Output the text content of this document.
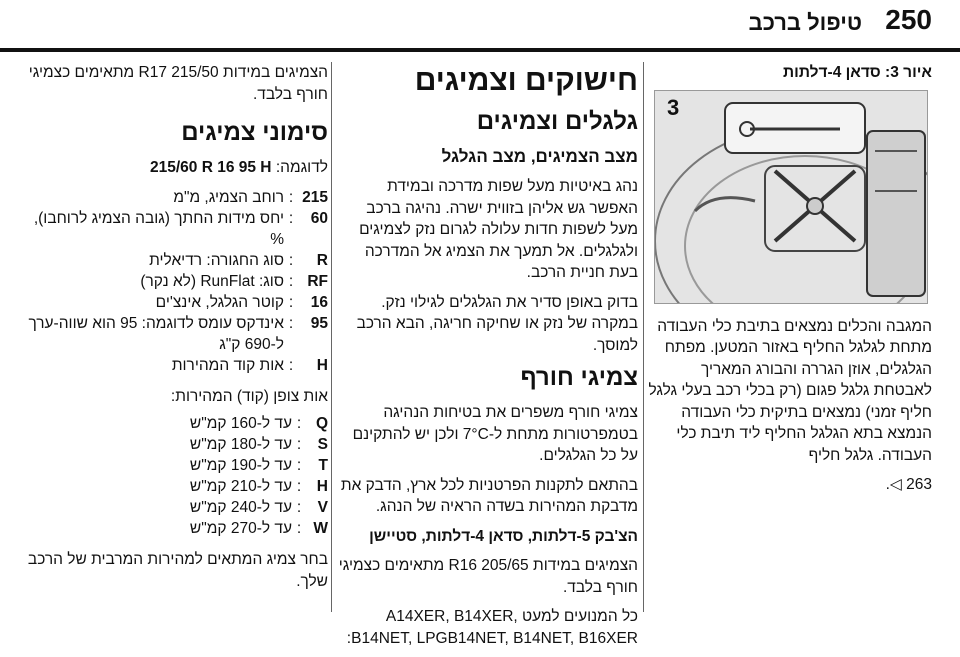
250
טיפול ברכב
איור 3: סדאן 4-דלתות
3

המגבה והכלים נמצאים בתיבת כלי העבודה מתחת לגלגל החליף באזור המטען. מפתח הגלגלים, אוזן הגררה והבורג המאריך לאבטחת גלגל פגום (רק בכלי רכב בעלי גלגל חליף זמני) נמצאים בתיקית כלי העבודה הנמצא בתא הגלגל החליף ליד תיבת כלי העבודה. גלגל חליף

263 ◁.

חישוקים וצמיגים
גלגלים וצמיגים
מצב הצמיגים, מצב הגלגל

נהג באיטיות מעל שפות מדרכה ובמידת האפשר גש אליהן בזווית ישרה. נהיגה ברכב מעל לשפות חדות עלולה לגרום נזק לצמיגים ולגלגלים. אל תמעך את הצמיג אל המדרכה בעת חניית הרכב.

בדוק באופן סדיר את הגלגלים לגילוי נזק. במקרה של נזק או שחיקה חריגה, הבא הרכב למוסך.

צמיגי חורף

צמיגי חורף משפרים את בטיחות הנהיגה בטמפרטורות מתחת ל-7°C ולכן יש להתקינם על כל הגלגלים.

בהתאם לתקנות הפרטניות לכל ארץ, הדבק את מדבקת המהירות בשדה הראיה של הנהג.

הצ'בק 5-דלתות, סדאן 4-דלתות, סטיישן

הצמיגים במידות 205/65 R16 מתאימים כצמיגי חורף בלבד.

כל המנועים למעט A14XER, B14XER, B14NET, LPGB14NET, B14NET, B16XER:

הצמיגים במידות 215/50 R17 מתאימים כצמיגי חורף בלבד.

סימוני צמיגים

לדוגמה: 215/60 R 16 95 H

215	:	רוחב הצמיג, מ"מ
60	:	יחס מידות החתך (גובה הצמיג לרוחבו), %
R	:	סוג החגורה: רדיאלית
RF	:	סוג: RunFlat (לא נקר)
16	:	קוטר הגלגל, אינצ'ים
95	:	אינדקס עומס לדוגמה: 95 הוא שווה-ערך ל-690 ק"ג
H	:	אות קוד המהירות

אות צופן (קוד) המהירות:

Q	:	עד ל-160 קמ"ש
S	:	עד ל-180 קמ"ש
T	:	עד ל-190 קמ"ש
H	:	עד ל-210 קמ"ש
V	:	עד ל-240 קמ"ש
W	:	עד ל-270 קמ"ש

בחר צמיג המתאים למהירות המרבית של הרכב שלך.
